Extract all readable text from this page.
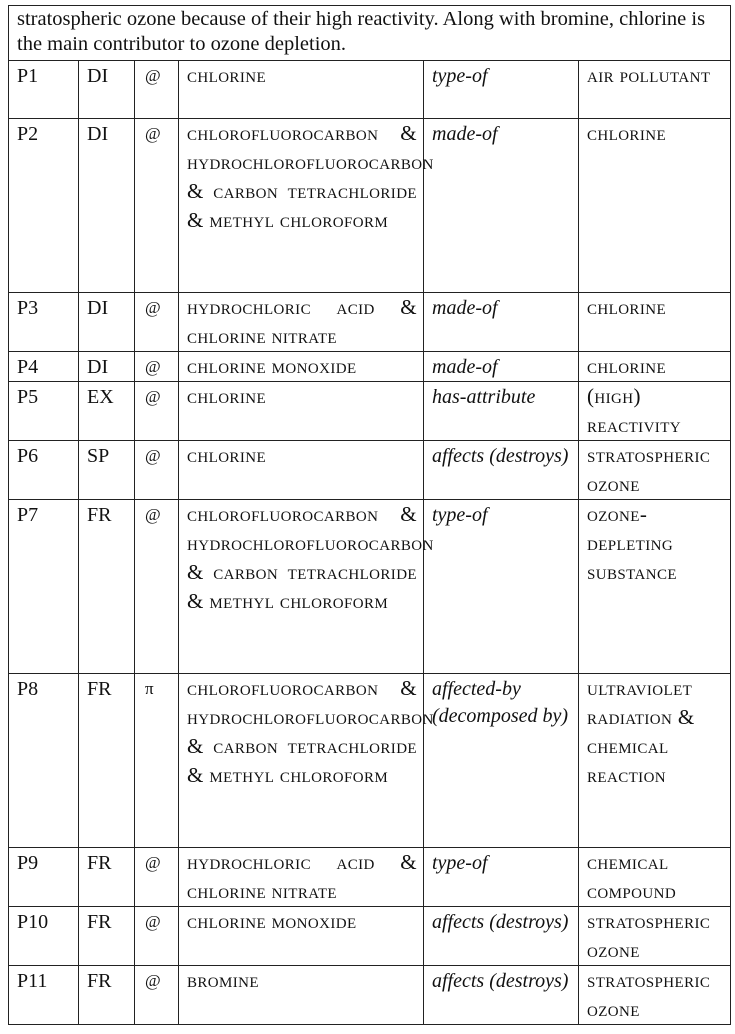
stratospheric ozone because of their high reactivity. Along with bromine, chlorine is the main contributor to ozone depletion.					
P1	DI	@	chlorine	type-of	air pollutant
P2	DI	@	chlorofluorocarbon & hydrochlorofluorocarbon & carbon tetrachloride & methyl chloroform	made-of	chlorine
P3	DI	@	hydrochloric acid & chlorine nitrate	made-of	chlorine
P4	DI	@	chlorine monoxide	made-of	chlorine
P5	EX	@	chlorine	has-attribute	(high) reactivity
P6	SP	@	chlorine	affects (destroys)	stratospheric ozone
P7	FR	@	chlorofluorocarbon & hydrochlorofluorocarbon & carbon tetrachloride & methyl chloroform	type-of	ozone-depleting substance
P8	FR	π	chlorofluorocarbon & hydrochlorofluorocarbon & carbon tetrachloride & methyl chloroform	affected-by (decomposed by)	ultraviolet radiation & chemical reaction
P9	FR	@	hydrochloric acid & chlorine nitrate	type-of	chemical compound
P10	FR	@	chlorine monoxide	affects (destroys)	stratospheric ozone
P11	FR	@	bromine	affects (destroys)	stratospheric ozone
